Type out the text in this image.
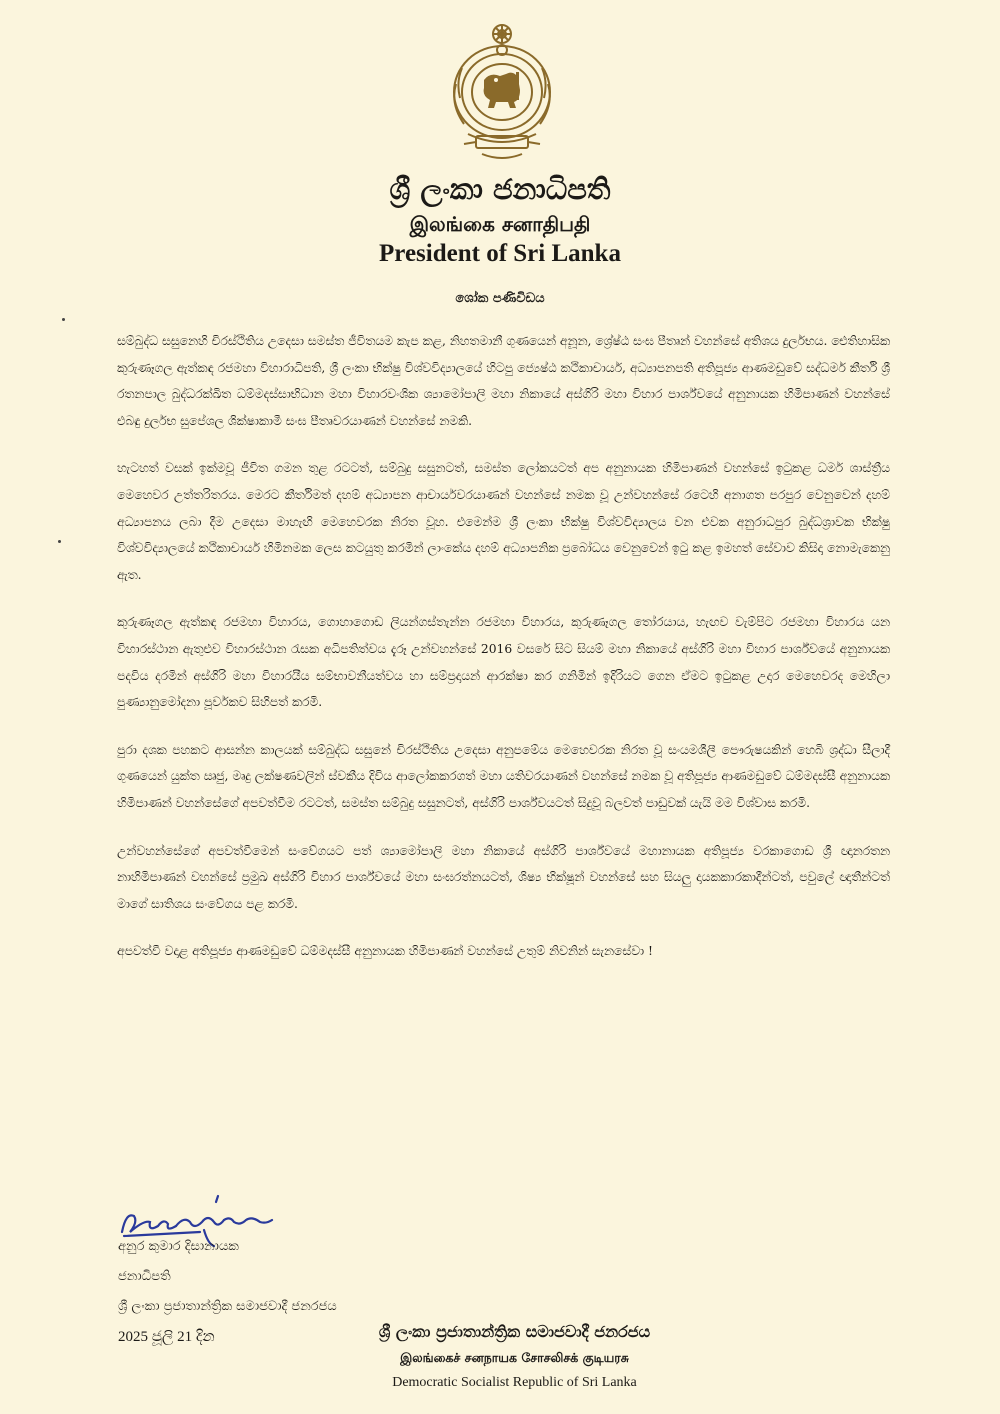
ශ්‍රී ලංකා ජනාධිපති
இலங்கை சனாதிபதி
President of Sri Lanka
ශෝක පණිවිඩය

සම්බුද්ධ සසුනෙහි චිරස්ථිතිය උදෙසා සමස්ත ජීවිතයම කැප කළ, නිහතමානී ගුණයෙන් අනූන, ශ්‍රේෂ්ඨ සංඝ පීතෘන් වහන්සේ අතිශය දුර්ලභය. ඓතිහාසික කුරුණෑගල ඇත්කඳ රජමහා විහාරාධිපති, ශ්‍රී ලංකා භික්ෂු විශ්වවිද්‍යාලයේ හිටපු ජ්‍යෙෂ්ඨ කථිකාචාර්ය, අධ්‍යාපනපති අතිපූජ්‍ය ආණමඩුවේ සද්ධර්ම කීර්ති ශ්‍රී රතනපාල බුද්ධරක්ඛිත ධම්මදස්සාභිධාන මහා විහාරවංශික ශ්‍යාමෝපාලි මහා නිකායේ අස්ගිරි මහා විහාර පාර්ශ්වයේ අනුනායක හිමිපාණන් වහන්සේ එබඳු දුර්ලභ සුපේශල ශික්ෂාකාමී සංඝ පීතෘවරයාණන් වහන්සේ නමකි.

හැටහත් වසක් ඉක්මවූ ජීවිත ගමන තුළ රටටත්, සම්බුදු සසුනටත්, සමස්ත ලෝකයටත් අප අනුනායක හිමිපාණන් වහන්සේ ඉටුකළ ධර්ම ශාස්ත්‍රීය මෙහෙවර උත්තරිතරය. මෙරට කීර්තිමත් දහම් අධ්‍යාපන ආචාර්යවරයාණන් වහන්සේ නමක වූ උන්වහන්සේ රටෙහි අනාගත පරපුර වෙනුවෙන් දහම් අධ්‍යාපනය ලබා දීම උදෙසා මාහැඟි මෙහෙවරක නිරත වූහ. එමෙන්ම ශ්‍රී ලංකා භික්ෂු විශ්වවිද්‍යාලය වන එවක අනුරාධපුර බුද්ධශ්‍රාවක භික්ෂු විශ්වවිද්‍යාලයේ කථිකාචාර්ය හිමිනමක ලෙස කටයුතු කරමින් ලාංකේය දහම් අධ්‍යාපනික ප්‍රබෝධය වෙනුවෙන් ඉටු කළ ඉමහත් සේවාව කිසිදා නොමැකෙනු ඇත.

කුරුණෑගල ඇත්කඳ රජමහා විහාරය, ගොහාගොඩ ලියන්ගස්තැන්න රජමහා විහාරය, කුරුණෑගල තෝරයාය, හැඟව වැම්පිට රජමහා විහාරය යන විහාරස්ථාන ඇතුළුව විහාරස්ථාන රැසක අධිපතිත්වය දැරූ උන්වහන්සේ 2016 වසරේ සිට සියම් මහා නිකායේ අස්ගිරි මහා විහාර පාර්ශ්වයේ අනුනායක පදවිය දරමින් අස්ගිරි මහා විහාරයීය සම්භාවනීයත්වය හා සම්ප්‍රදායන් ආරක්ෂා කර ගනිමින් ඉදිරියට ගෙන ඒමට ඉටුකළ උදාර මෙහෙවරද මෙහිලා පුණ්‍යානුමෝදනා පූර්වකව සිහිපත් කරමි.

පුරා දශක පහකට ආසන්න කාලයක් සම්බුද්ධ සසුනේ චිරස්ථිතිය උදෙසා අනුපමේය මෙහෙවරක නිරත වූ සංයමශීලී පෞරුෂයකින් හෙබි ශ්‍රද්ධා සීලාදී ගුණයෙන් යුක්ත ඍජු, මෘදු ලක්ෂණවලින් ස්වකීය දිවිය ආලෝකකරගත් මහා යතිවරයාණන් වහන්සේ නමක වූ අතිපූජ්‍ය ආණමඩුවේ ධම්මදස්සී අනුනායක හිමිපාණන් වහන්සේගේ අපවත්වීම රටටත්, සමස්ත සම්බුදු සසුනටත්, අස්ගිරි පාර්ශ්වයටත් සිදුවූ බලවත් පාඩුවක් යැයි මම විශ්වාස කරමි.

උන්වහන්සේගේ අපවත්වීමෙන් සංවේගයට පත් ශ්‍යාමෝපාලි මහා නිකායේ අස්ගිරි පාර්ශ්වයේ මහානායක අතිපූජ්‍ය වරකාගොඩ ශ්‍රී ඥානරතන නාහිමිපාණන් වහන්සේ ප්‍රමුඛ අස්ගිරි විහාර පාර්ශ්වයේ මහා සංඝරත්නයටත්, ශිෂ්‍ය භික්ෂූන් වහන්සේ සහ සියලු දායකකාරකාදීන්ටත්, පවුලේ ඥාතීන්ටත් මාගේ සාතිශය සංවේගය පළ කරමි.

අපවත්වී වදාළ අතිපූජ්‍ය ආණමඩුවේ ධම්මදස්සී අනුනායක හිමිපාණන් වහන්සේ උතුම් නිවනින් සැනසේවා !

අනුර කුමාර දිසානායක
ජනාධිපති
ශ්‍රී ලංකා ප්‍රජාතාන්ත්‍රික සමාජවාදී ජනරජය
2025 ජූලි 21 දින	ශ්‍රී ලංකා ප්‍රජාතාන්ත්‍රික සමාජවාදී ජනරජය
இலங்கைச் சனநாயக சோசலிசக் குடியரசு
Democratic Socialist Republic of Sri Lanka
